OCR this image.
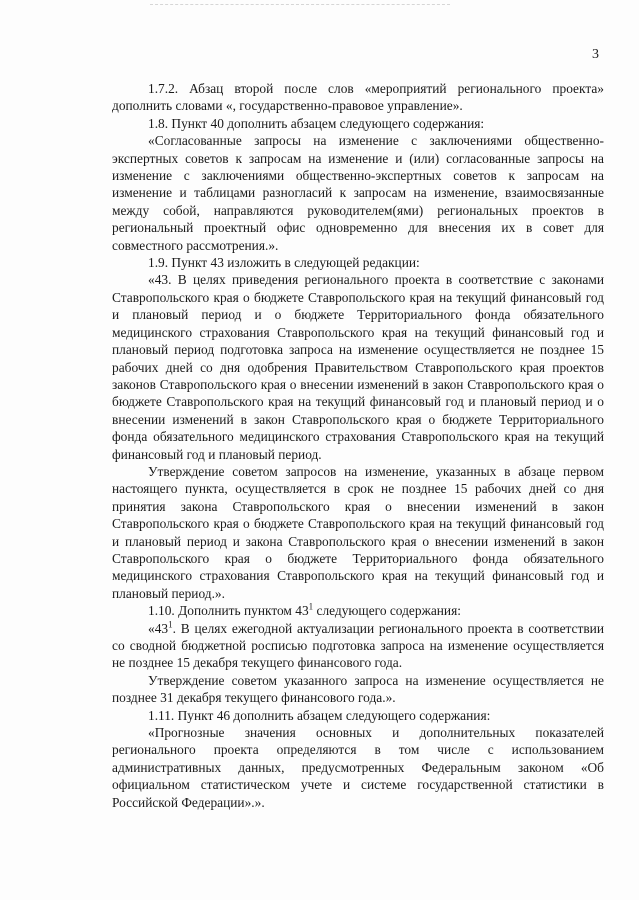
3

1.7.2. Абзац второй после слов «мероприятий регионального проекта» дополнить словами «, государственно-правовое управление».

1.8. Пункт 40 дополнить абзацем следующего содержания:

«Согласованные запросы на изменение с заключениями общественно-экспертных советов к запросам на изменение и (или) согласованные запросы на изменение с заключениями общественно-экспертных советов к запросам на изменение и таблицами разногласий к запросам на изменение, взаимосвязанные между собой, направляются руководителем(ями) региональных проектов в региональный проектный офис одновременно для внесения их в совет для совместного рассмотрения.».

1.9. Пункт 43 изложить в следующей редакции:

«43. В целях приведения регионального проекта в соответствие с законами Ставропольского края о бюджете Ставропольского края на текущий финансовый год и плановый период и о бюджете Территориального фонда обязательного медицинского страхования Ставропольского края на текущий финансовый год и плановый период подготовка запроса на изменение осуществляется не позднее 15 рабочих дней со дня одобрения Правительством Ставропольского края проектов законов Ставропольского края о внесении изменений в закон Ставропольского края о бюджете Ставропольского края на текущий финансовый год и плановый период и о внесении изменений в закон Ставропольского края о бюджете Территориального фонда обязательного медицинского страхования Ставропольского края на текущий финансовый год и плановый период.

Утверждение советом запросов на изменение, указанных в абзаце первом настоящего пункта, осуществляется в срок не позднее 15 рабочих дней со дня принятия закона Ставропольского края о внесении изменений в закон Ставропольского края о бюджете Ставропольского края на текущий финансовый год и плановый период и закона Ставропольского края о внесении изменений в закон Ставропольского края о бюджете Территориального фонда обязательного медицинского страхования Ставропольского края на текущий финансовый год и плановый период.».

1.10. Дополнить пунктом $43^1$ следующего содержания:

«$43^1$. В целях ежегодной актуализации регионального проекта в соответствии со сводной бюджетной росписью подготовка запроса на изменение осуществляется не позднее 15 декабря текущего финансового года.

Утверждение советом указанного запроса на изменение осуществляется не позднее 31 декабря текущего финансового года.».

1.11. Пункт 46 дополнить абзацем следующего содержания:

«Прогнозные значения основных и дополнительных показателей регионального проекта определяются в том числе с использованием административных данных, предусмотренных Федеральным законом «Об официальном статистическом учете и системе государственной статистики в Российской Федерации».».
